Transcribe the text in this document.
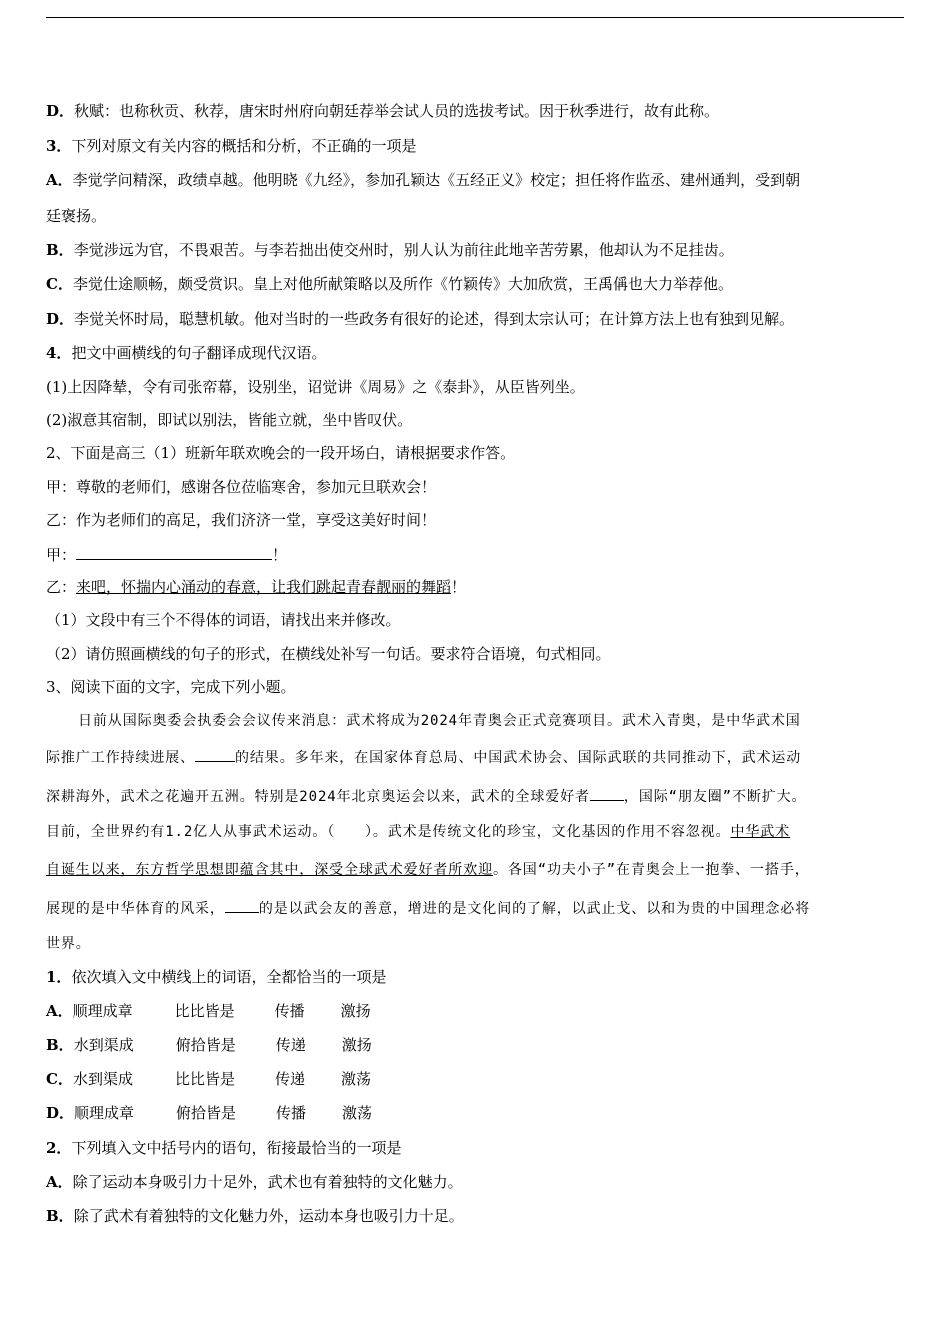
D．秋赋：也称秋贡、秋荐，唐宋时州府向朝廷荐举会试人员的选拔考试。因于秋季进行，故有此称。
3．下列对原文有关内容的概括和分析，不正确的一项是
A．李觉学问精深，政绩卓越。他明晓《九经》，参加孔颖达《五经正义》校定；担任将作监丞、建州通判，受到朝
廷褒扬。
B．李觉涉远为官，不畏艰苦。与李若拙出使交州时，别人认为前往此地辛苦劳累，他却认为不足挂齿。
C．李觉仕途顺畅，颇受赏识。皇上对他所献策略以及所作《竹颖传》大加欣赏，王禹偁也大力举荐他。
D．李觉关怀时局，聪慧机敏。他对当时的一些政务有很好的论述，得到太宗认可；在计算方法上也有独到见解。
4．把文中画横线的句子翻译成现代汉语。
(1)上因降辇，令有司张帟幕，设别坐，诏觉讲《周易》之《泰卦》，从臣皆列坐。
(2)淑意其宿制，即试以别法，皆能立就，坐中皆叹伏。
2、下面是高三（1）班新年联欢晚会的一段开场白，请根据要求作答。
甲：尊敬的老师们，感谢各位莅临寒舍，参加元旦联欢会！
乙：作为老师们的高足，我们济济一堂，享受这美好时间！
甲：	！
乙：来吧，怀揣内心涌动的春意，让我们跳起青春靓丽的舞蹈！
（1）文段中有三个不得体的词语，请找出来并修改。
（2）请仿照画横线的句子的形式，在横线处补写一句话。要求符合语境，句式相同。
3、阅读下面的文字，完成下列小题。
日前从国际奥委会执委会会议传来消息：武术将成为2024年青奥会正式竞赛项目。武术入青奥，是中华武术国
际推广工作持续进展、	的结果。多年来，在国家体育总局、中国武术协会、国际武联的共同推动下，武术运动
深耕海外，武术之花遍开五洲。特别是2024年北京奥运会以来，武术的全球爱好者 ，国际“朋友圈”不断扩大。
目前，全世界约有1.2亿人从事武术运动。（　　）。武术是传统文化的珍宝，文化基因的作用不容忽视。中华武术
自诞生以来，东方哲学思想即蕴含其中，深受全球武术爱好者所欢迎。各国“功夫小子”在青奥会上一抱拳、一搭手，
展现的是中华体育的风采， 的是以武会友的善意，增进的是文化间的了解，以武止戈、以和为贵的中国理念必将
世界。
1．依次填入文中横线上的词语，全都恰当的一项是
A．顺理成章	比比皆是	传播 激扬
B．水到渠成	俯拾皆是	传递 激扬
C．水到渠成	比比皆是	传递 激荡
D．顺理成章	俯拾皆是	传播 激荡
2．下列填入文中括号内的语句，衔接最恰当的一项是
A．除了运动本身吸引力十足外，武术也有着独特的文化魅力。
B．除了武术有着独特的文化魅力外，运动本身也吸引力十足。
